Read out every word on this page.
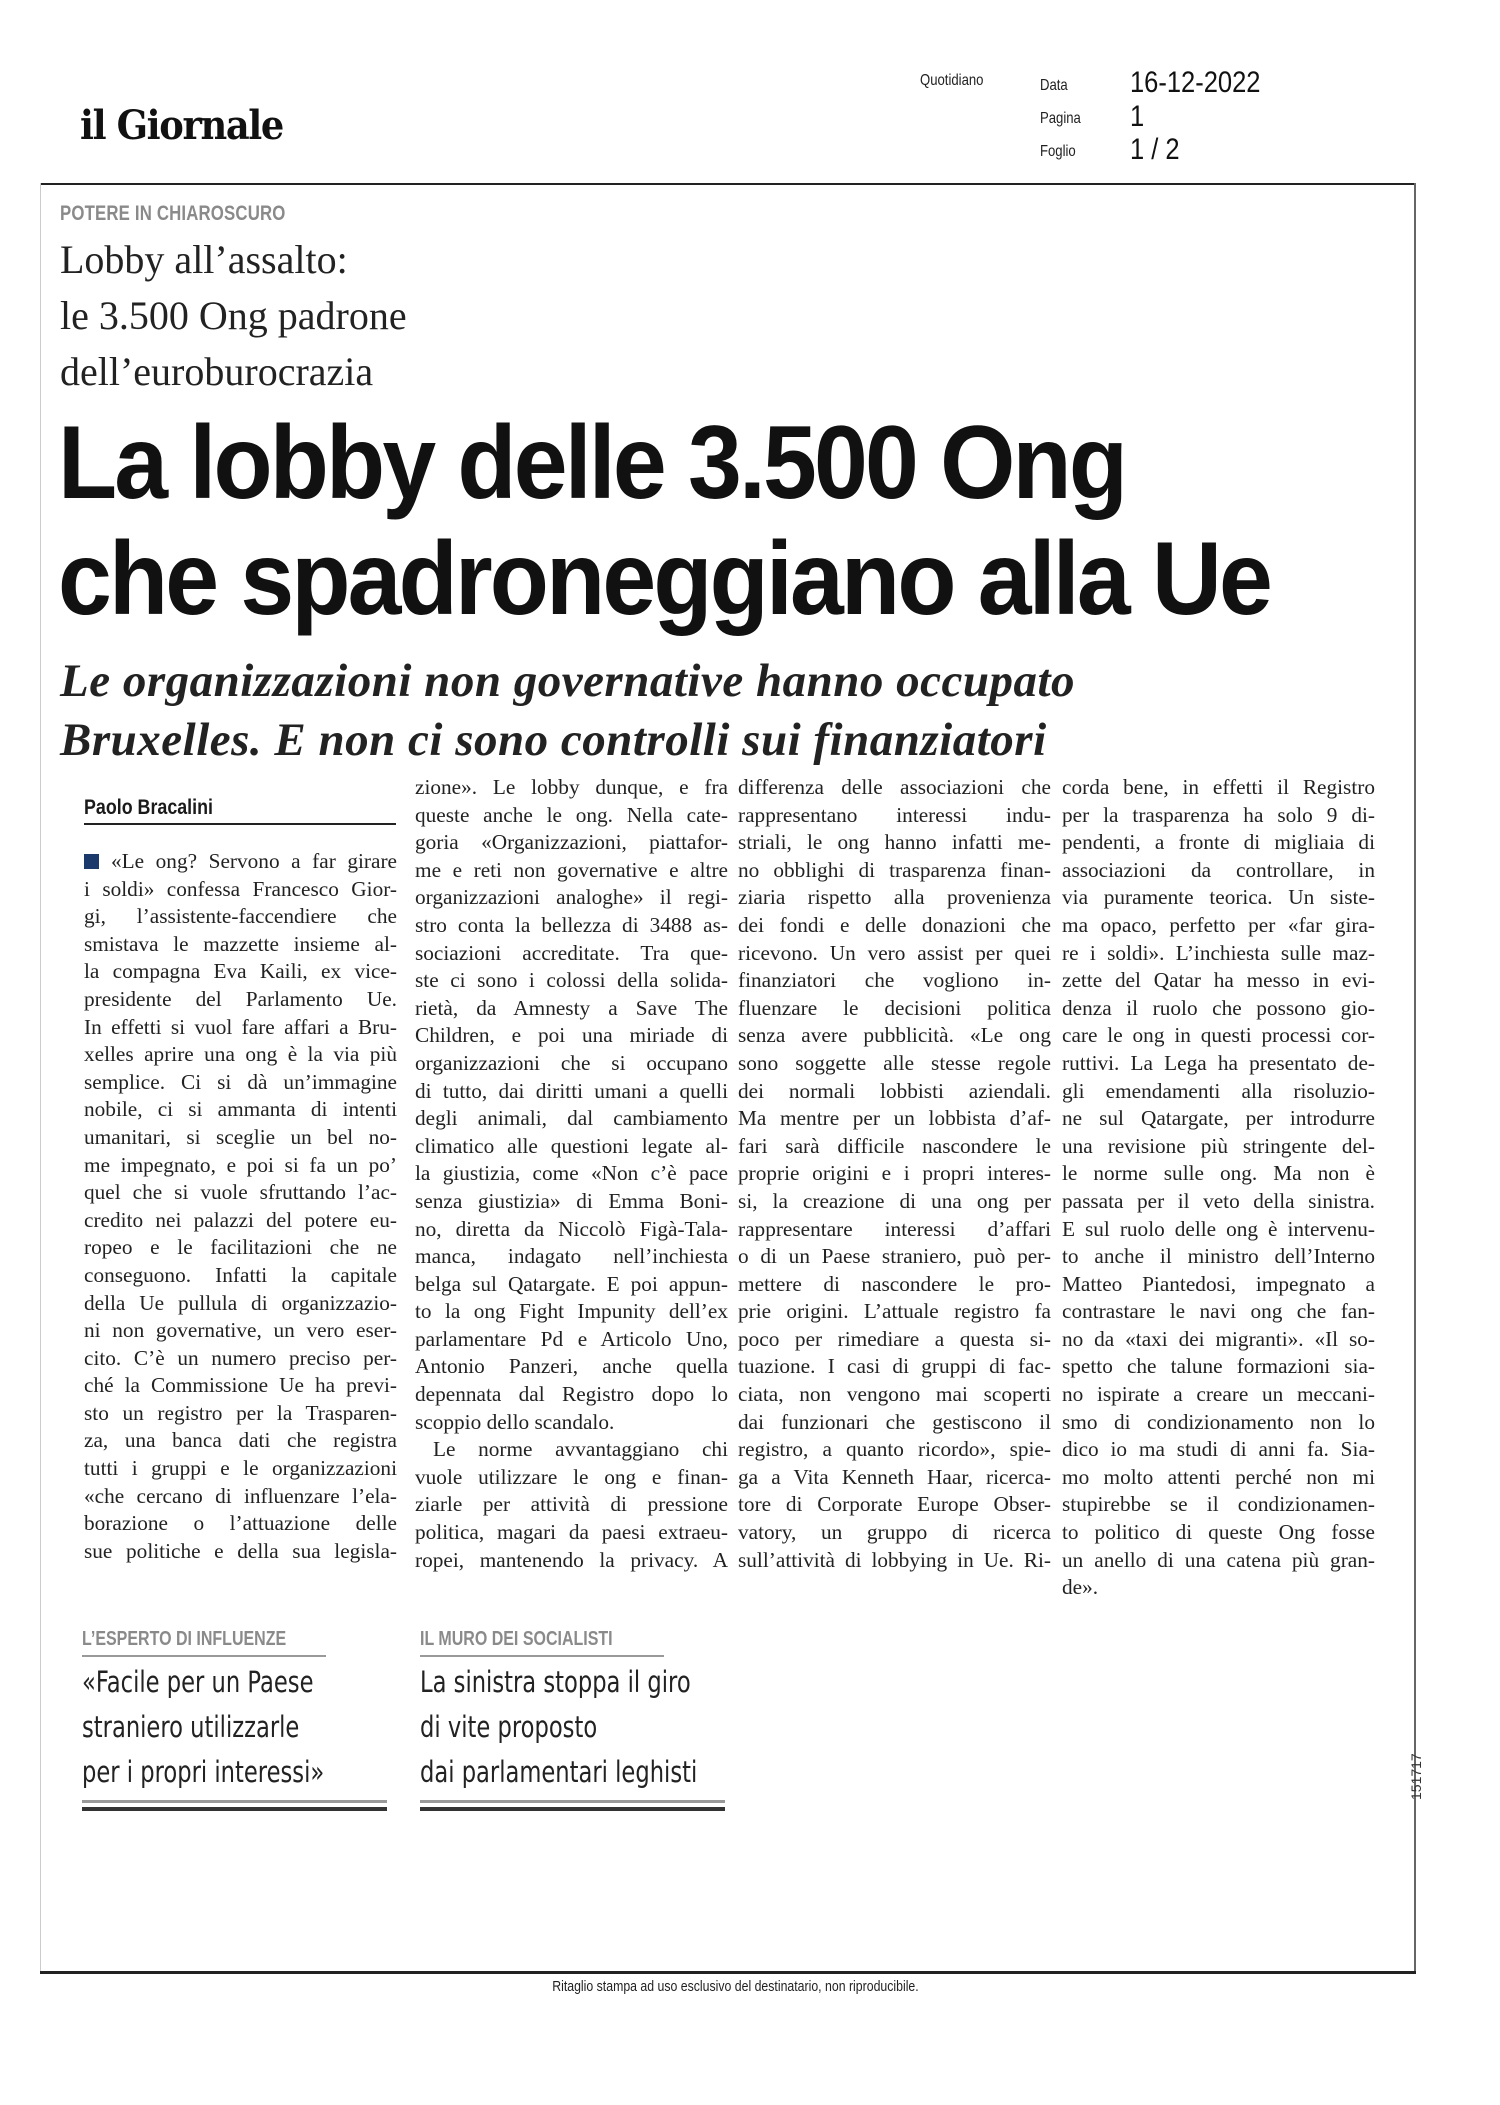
il Giornale
Quotidiano	Data 16-12-2022
Pagina 1
Foglio 1 / 2
POTERE IN CHIAROSCURO
Lobby all’assalto:
le 3.500 Ong padrone
dell’euroburocrazia
La lobby delle 3.500 Ong
che spadroneggiano alla Ue
Le organizzazioni non governative hanno occupato
Bruxelles. E non ci sono controlli sui finanziatori
Paolo Bracalini
«Le ong? Servono a far girare
i soldi» confessa Francesco Gior-
gi, l’assistente-faccendiere che
smistava le mazzette insieme al-
la compagna Eva Kaili, ex vice-
presidente del Parlamento Ue.
In effetti si vuol fare affari a Bru-
xelles aprire una ong è la via più
semplice. Ci si dà un’immagine
nobile, ci si ammanta di intenti
umanitari, si sceglie un bel no-
me impegnato, e poi si fa un po’
quel che si vuole sfruttando l’ac-
credito nei palazzi del potere eu-
ropeo e le facilitazioni che ne
conseguono. Infatti la capitale
della Ue pullula di organizzazio-
ni non governative, un vero eser-
cito. C’è un numero preciso per-
ché la Commissione Ue ha previ-
sto un registro per la Trasparen-
za, una banca dati che registra
tutti i gruppi e le organizzazioni
«che cercano di influenzare l’ela-
borazione o l’attuazione delle
sue politiche e della sua legisla-
zione». Le lobby dunque, e fra
queste anche le ong. Nella cate-
goria «Organizzazioni, piattafor-
me e reti non governative e altre
organizzazioni analoghe» il regi-
stro conta la bellezza di 3488 as-
sociazioni accreditate. Tra que-
ste ci sono i colossi della solida-
rietà, da Amnesty a Save The
Children, e poi una miriade di
organizzazioni che si occupano
di tutto, dai diritti umani a quelli
degli animali, dal cambiamento
climatico alle questioni legate al-
la giustizia, come «Non c’è pace
senza giustizia» di Emma Boni-
no, diretta da Niccolò Figà-Tala-
manca, indagato nell’inchiesta
belga sul Qatargate. E poi appun-
to la ong Fight Impunity dell’ex
parlamentare Pd e Articolo Uno,
Antonio Panzeri, anche quella
depennata dal Registro dopo lo
scoppio dello scandalo.
Le norme avvantaggiano chi
vuole utilizzare le ong e finan-
ziarle per attività di pressione
politica, magari da paesi extraeu-
ropei, mantenendo la privacy. A
differenza delle associazioni che
rappresentano interessi indu-
striali, le ong hanno infatti me-
no obblighi di trasparenza finan-
ziaria rispetto alla provenienza
dei fondi e delle donazioni che
ricevono. Un vero assist per quei
finanziatori che vogliono in-
fluenzare le decisioni politica
senza avere pubblicità. «Le ong
sono soggette alle stesse regole
dei normali lobbisti aziendali.
Ma mentre per un lobbista d’af-
fari sarà difficile nascondere le
proprie origini e i propri interes-
si, la creazione di una ong per
rappresentare interessi d’affari
o di un Paese straniero, può per-
mettere di nascondere le pro-
prie origini. L’attuale registro fa
poco per rimediare a questa si-
tuazione. I casi di gruppi di fac-
ciata, non vengono mai scoperti
dai funzionari che gestiscono il
registro, a quanto ricordo», spie-
ga a Vita Kenneth Haar, ricerca-
tore di Corporate Europe Obser-
vatory, un gruppo di ricerca
sull’attività di lobbying in Ue. Ri-
corda bene, in effetti il Registro
per la trasparenza ha solo 9 di-
pendenti, a fronte di migliaia di
associazioni da controllare, in
via puramente teorica. Un siste-
ma opaco, perfetto per «far gira-
re i soldi». L’inchiesta sulle maz-
zette del Qatar ha messo in evi-
denza il ruolo che possono gio-
care le ong in questi processi cor-
ruttivi. La Lega ha presentato de-
gli emendamenti alla risoluzio-
ne sul Qatargate, per introdurre
una revisione più stringente del-
le norme sulle ong. Ma non è
passata per il veto della sinistra.
E sul ruolo delle ong è intervenu-
to anche il ministro dell’Interno
Matteo Piantedosi, impegnato a
contrastare le navi ong che fan-
no da «taxi dei migranti». «Il so-
spetto che talune formazioni sia-
no ispirate a creare un meccani-
smo di condizionamento non lo
dico io ma studi di anni fa. Sia-
mo molto attenti perché non mi
stupirebbe se il condizionamen-
to politico di queste Ong fosse
un anello di una catena più gran-
de».
L’ESPERTO DI INFLUENZE
«Facile per un Paese
straniero utilizzarle
per i propri interessi»
IL MURO DEI SOCIALISTI
La sinistra stoppa il giro
di vite proposto
dai parlamentari leghisti	151717
Ritaglio stampa ad uso esclusivo del destinatario, non riproducibile.
